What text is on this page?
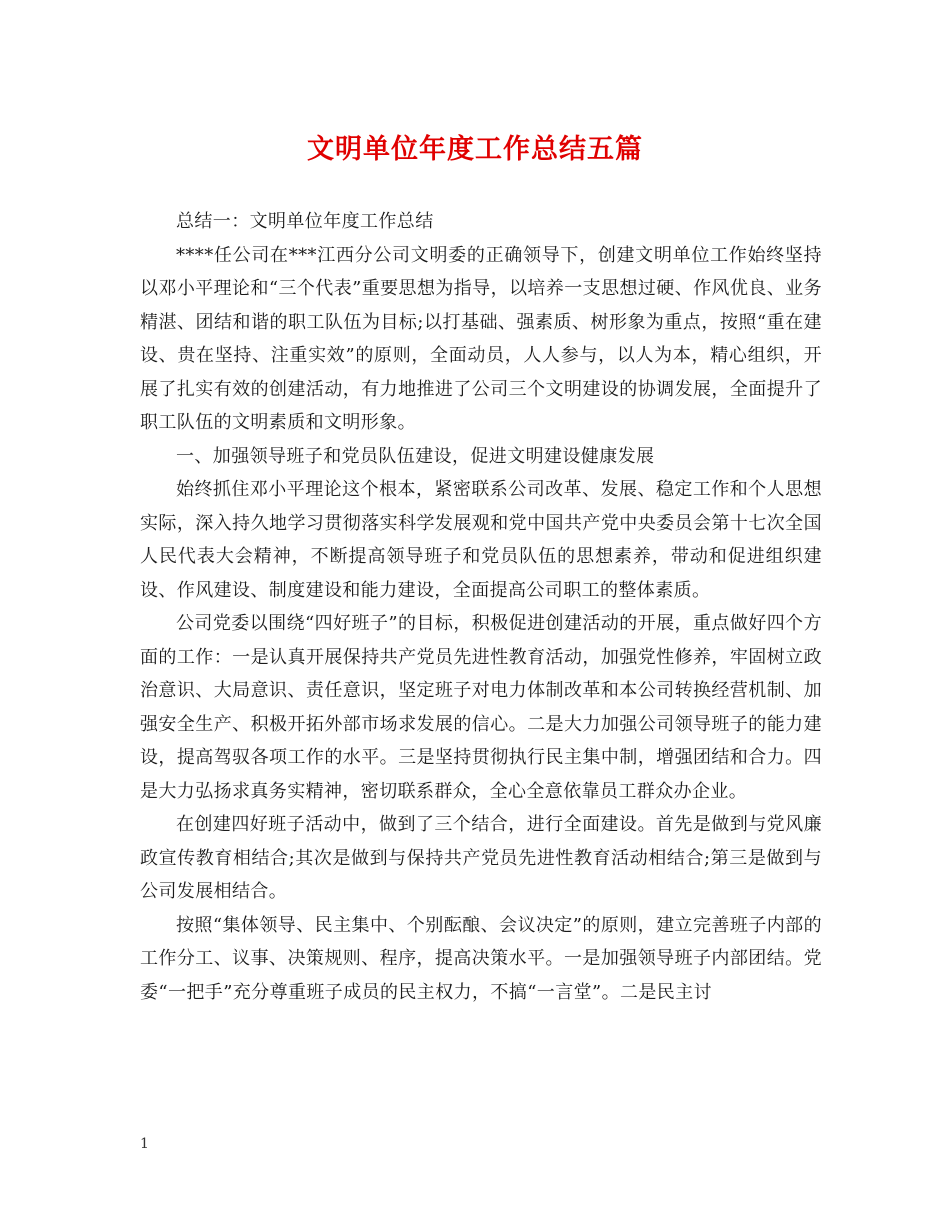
文明单位年度工作总结五篇

总结一：文明单位年度工作总结

****任公司在***江西分公司文明委的正确领导下，创建文明单位工作始终坚持以邓小平理论和“三个代表”重要思想为指导，以培养一支思想过硬、作风优良、业务精湛、团结和谐的职工队伍为目标;以打基础、强素质、树形象为重点，按照“重在建设、贵在坚持、注重实效”的原则，全面动员，人人参与，以人为本，精心组织，开展了扎实有效的创建活动，有力地推进了公司三个文明建设的协调发展，全面提升了职工队伍的文明素质和文明形象。

一、加强领导班子和党员队伍建设，促进文明建设健康发展

始终抓住邓小平理论这个根本，紧密联系公司改革、发展、稳定工作和个人思想实际，深入持久地学习贯彻落实科学发展观和党中国共产党中央委员会第十七次全国人民代表大会精神，不断提高领导班子和党员队伍的思想素养，带动和促进组织建设、作风建设、制度建设和能力建设，全面提高公司职工的整体素质。

公司党委以围绕“四好班子”的目标，积极促进创建活动的开展，重点做好四个方面的工作：一是认真开展保持共产党员先进性教育活动，加强党性修养，牢固树立政治意识、大局意识、责任意识，坚定班子对电力体制改革和本公司转换经营机制、加强安全生产、积极开拓外部市场求发展的信心。二是大力加强公司领导班子的能力建设，提高驾驭各项工作的水平。三是坚持贯彻执行民主集中制，增强团结和合力。四是大力弘扬求真务实精神，密切联系群众，全心全意依靠员工群众办企业。

在创建四好班子活动中，做到了三个结合，进行全面建设。首先是做到与党风廉政宣传教育相结合;其次是做到与保持共产党员先进性教育活动相结合;第三是做到与公司发展相结合。

按照“集体领导、民主集中、个别酝酿、会议决定”的原则，建立完善班子内部的工作分工、议事、决策规则、程序，提高决策水平。一是加强领导班子内部团结。党委“一把手”充分尊重班子成员的民主权力，不搞“一言堂”。二是民主讨

1
